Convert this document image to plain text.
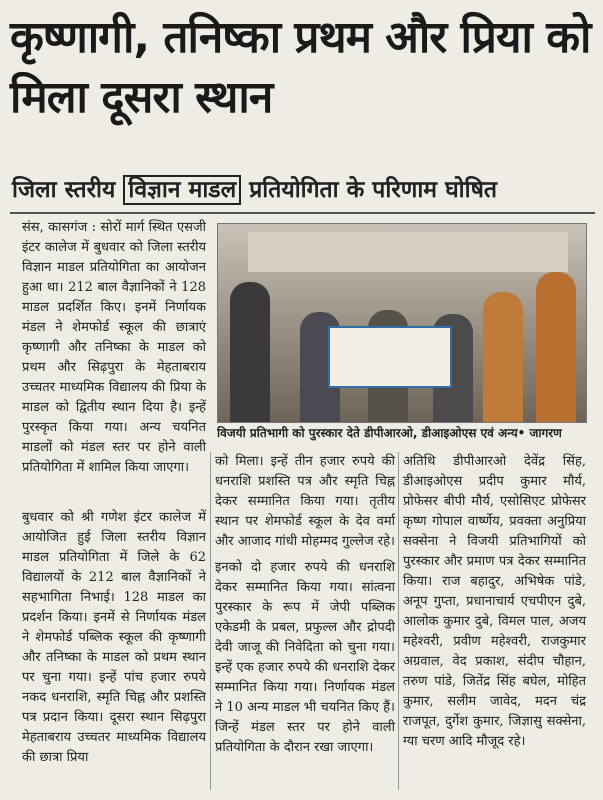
कृष्णागी, तनिष्का प्रथम और प्रिया को मिला दूसरा स्थान
जिला स्तरीय विज्ञान माडल प्रतियोगिता के परिणाम घोषित

संस, कासगंज : सोरों मार्ग स्थित एसजी इंटर कालेज में बुधवार को जिला स्तरीय विज्ञान माडल प्रतियोगिता का आयोजन हुआ था। 212 बाल वैज्ञानिकों ने 128 माडल प्रदर्शित किए। इनमें निर्णायक मंडल ने शेमफोर्ड स्कूल की छात्राएं कृष्णागी और तनिष्का के माडल को प्रथम और सिढ़पुरा के मेहताबराय उच्चतर माध्यमिक विद्यालय की प्रिया के माडल को द्वितीय स्थान दिया है। इन्हें पुरस्कृत किया गया। अन्य चयनित माडलों को मंडल स्तर पर होने वाली प्रतियोगिता में शामिल किया जाएगा।

बुधवार को श्री गणेश इंटर कालेज में आयोजित हुई जिला स्तरीय विज्ञान माडल प्रतियोगिता में जिले के 62 विद्यालयों के 212 बाल वैज्ञानिकों ने सहभागिता निभाई। 128 माडल का प्रदर्शन किया। इनमें से निर्णायक मंडल ने शेमफोर्ड पब्लिक स्कूल की कृष्णागी और तनिष्का के माडल को प्रथम स्थान पर चुना गया। इन्हें पांच हजार रुपये नकद धनराशि, स्मृति चिह्न और प्रशस्ति पत्र प्रदान किया। दूसरा स्थान सिढ़पुरा मेहताबराय उच्चतर माध्यमिक विद्यालय की छात्रा प्रिया

विजयी प्रतिभागी को पुरस्कार देते डीपीआरओ, डीआइओएस एवं अन्य• जागरण

को मिला। इन्हें तीन हजार रुपये की धनराशि प्रशस्ति पत्र और स्मृति चिह्न देकर सम्मानित किया गया। तृतीय स्थान पर शेमफोर्ड स्कूल के देव वर्मा और आजाद गांधी मोहम्मद गुल्लेज रहे।

इनको दो हजार रुपये की धनराशि देकर सम्मानित किया गया। सांत्वना पुरस्कार के रूप में जेपी पब्लिक एकेडमी के प्रबल, प्रफुल्ल और द्रोपदी देवी जाजू की निवेदिता को चुना गया। इन्हें एक हजार रुपये की धनराशि देकर सम्मानित किया गया। निर्णायक मंडल ने 10 अन्य माडल भी चयनित किए हैं। जिन्हें मंडल स्तर पर होने वाली प्रतियोगिता के दौरान रखा जाएगा।

अतिथि डीपीआरओ देवेंद्र सिंह, डीआइओएस प्रदीप कुमार मौर्य, प्रोफेसर बीपी मौर्य, एसोसिएट प्रोफेसर कृष्ण गोपाल वार्ष्णेय, प्रवक्ता अनुप्रिया सक्सेना ने विजयी प्रतिभागियों को पुरस्कार और प्रमाण पत्र देकर सम्मानित किया। राज बहादुर, अभिषेक पांडे, अनूप गुप्ता, प्रधानाचार्य एचपीएन दुबे, आलोक कुमार दुबे, विमल पाल, अजय महेश्वरी, प्रवीण महेश्वरी, राजकुमार अग्रवाल, वेद प्रकाश, संदीप चौहान, तरुण पांडे, जितेंद्र सिंह बघेल, मोहित कुमार, सलीम जावेद, मदन चंद्र राजपूत, दुर्गेश कुमार, जिज्ञासु सक्सेना, ग्या चरण आदि मौजूद रहे।
